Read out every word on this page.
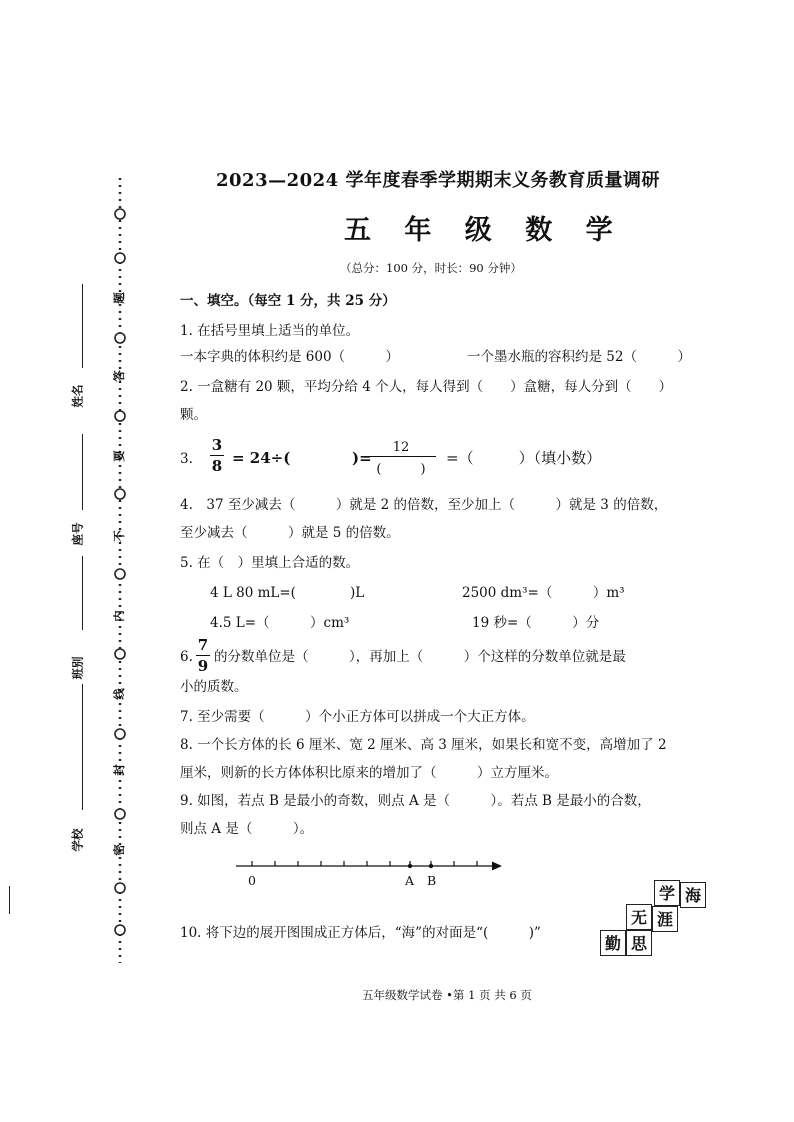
题
答
要
不
内
线
封
密
姓名
座号
班别
学校
2023—2024 学年度春季学期期末义务教育质量调研
五 年 级 数 学
（总分：100 分，时长：90 分钟）
一、填空。（每空 1 分，共 25 分）
1. 在括号里填上适当的单位。
一本字典的体积约是 600（　　　）	一个墨水瓶的容积约是 52（　　　）
2. 一盒糖有 20 颗，平均分给 4 个人，每人得到（　　）盒糖，每人分到（　　）
颗。
3.
3
8 = 24÷(	)=
12
(　　　)
=（　　　）（填小数）
4.　37 至少减去（　　　）就是 2 的倍数，至少加上（　　　）就是 3 的倍数，
至少减去（　　　）就是 5 的倍数。
5. 在（　）里填上合适的数。
4 L 80 mL=(　　　　)L	2500 dm³=（　　　）m³
4.5 L=（　　　）cm³	19 秒=（　　　）分
6.
7
9 的分数单位是（　　　），再加上（　　　）个这样的分数单位就是最
小的质数。
7. 至少需要（　　　）个小正方体可以拼成一个大正方体。
8. 一个长方体的长 6 厘米、宽 2 厘米、高 3 厘米，如果长和宽不变，高增加了 2
厘米，则新的长方体体积比原来的增加了（　　　）立方厘米。
9. 如图，若点 B 是最小的奇数，则点 A 是（　　　）。若点 B 是最小的合数，
则点 A 是（　　　）。
0	A B
10. 将下边的展开图围成正方体后，“海”的对面是“(　　　)”
学 海
无 涯
勤 思
五年级数学试卷 •第 1 页 共 6 页
